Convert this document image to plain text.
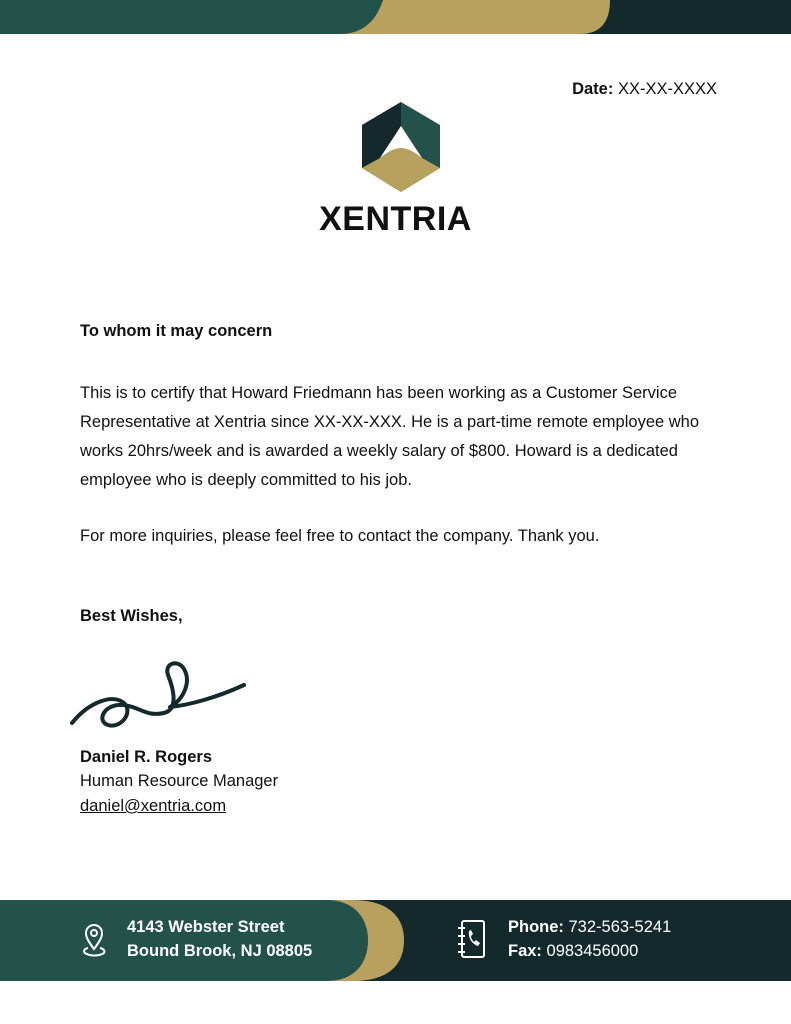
Date: XX-XX-XXXX
XENTRIA
To whom it may concern

This is to certify that Howard Friedmann has been working as a Customer Service Representative at Xentria since XX-XX-XXX. He is a part-time remote employee who works 20hrs/week and is awarded a weekly salary of $800. Howard is a dedicated employee who is deeply committed to his job.

For more inquiries, please feel free to contact the company. Thank you.

Best Wishes,
Daniel R. Rogers
Human Resource Manager
daniel@xentria.com
4143 Webster Street
Bound Brook, NJ 08805
Phone: 732-563-5241
Fax: 0983456000
